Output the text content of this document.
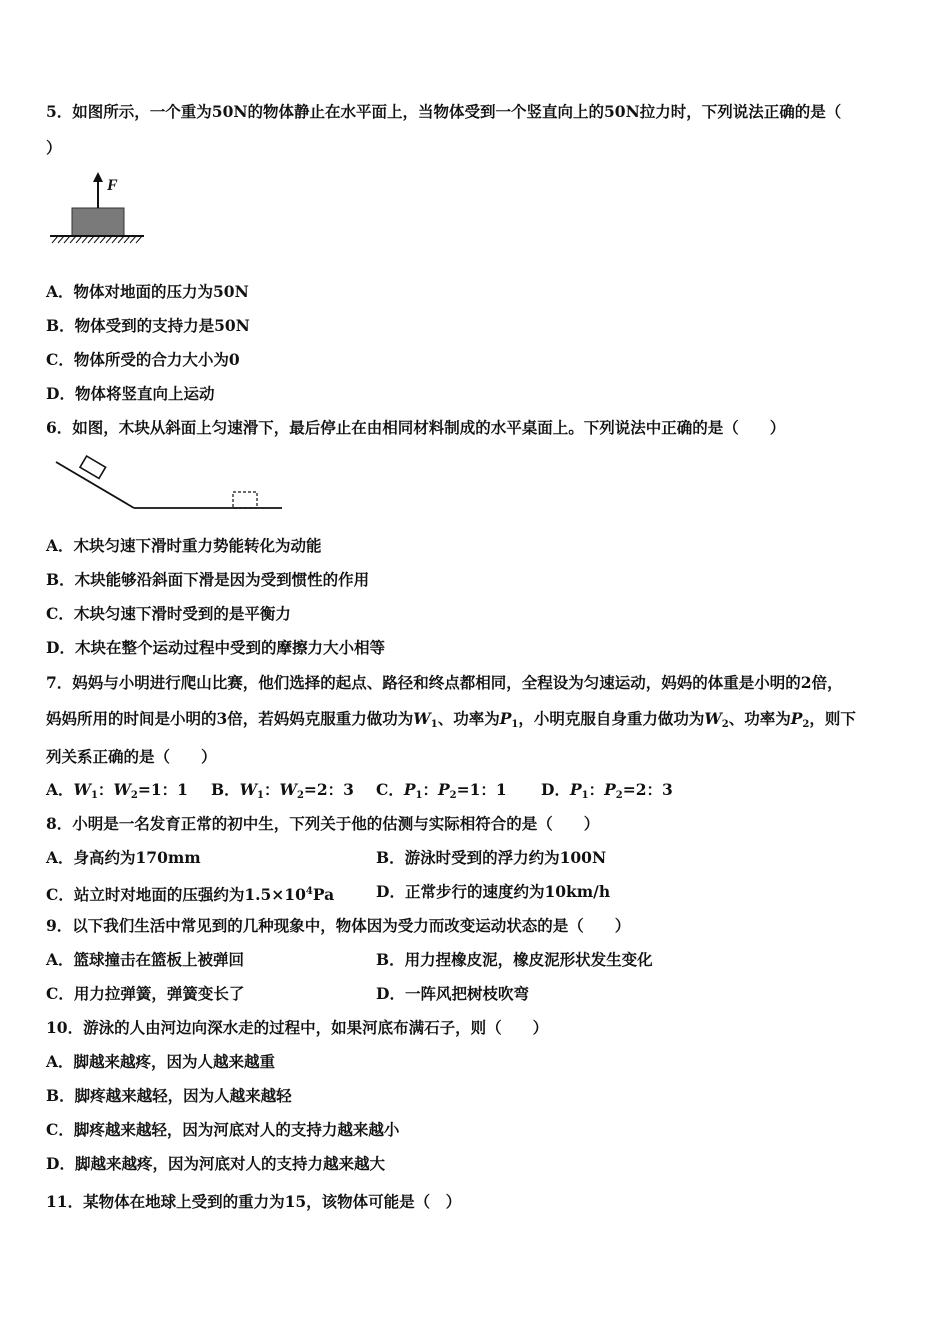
5．如图所示，一个重为50N的物体静止在水平面上，当物体受到一个竖直向上的50N拉力时，下列说法正确的是（
）
F
A．物体对地面的压力为50N
B．物体受到的支持力是50N
C．物体所受的合力大小为0
D．物体将竖直向上运动
6．如图，木块从斜面上匀速滑下，最后停止在由相同材料制成的水平桌面上。下列说法中正确的是（　　）
A．木块匀速下滑时重力势能转化为动能
B．木块能够沿斜面下滑是因为受到惯性的作用
C．木块匀速下滑时受到的是平衡力
D．木块在整个运动过程中受到的摩擦力大小相等
7．妈妈与小明进行爬山比赛，他们选择的起点、路径和终点都相同，全程设为匀速运动，妈妈的体重是小明的2倍，
妈妈所用的时间是小明的3倍，若妈妈克服重力做功为$W_1$、功率为$P_1$，小明克服自身重力做功为$W_2$、功率为$P_2$，则下
列关系正确的是（　　）
A．$W_1$：$W_2=1$：1 B．$W_1$：$W_2=2$：3 C．$P_1$：$P_2=1$：1 D．$P_1$：$P_2=2$：3
8．小明是一名发育正常的初中生，下列关于他的估测与实际相符合的是（　　）
A．身高约为170mm	B．游泳时受到的浮力约为100N
C．站立时对地面的压强约为$1.5\times 10^4Pa$	D．正常步行的速度约为10km/h
9．以下我们生活中常见到的几种现象中，物体因为受力而改变运动状态的是（　　）
A．篮球撞击在篮板上被弹回	B．用力捏橡皮泥，橡皮泥形状发生变化
C．用力拉弹簧，弹簧变长了	D．一阵风把树枝吹弯
10．游泳的人由河边向深水走的过程中，如果河底布满石子，则（　　）
A．脚越来越疼，因为人越来越重
B．脚疼越来越轻，因为人越来越轻
C．脚疼越来越轻，因为河底对人的支持力越来越小
D．脚越来越疼，因为河底对人的支持力越来越大
11．某物体在地球上受到的重力为15，该物体可能是（　）
